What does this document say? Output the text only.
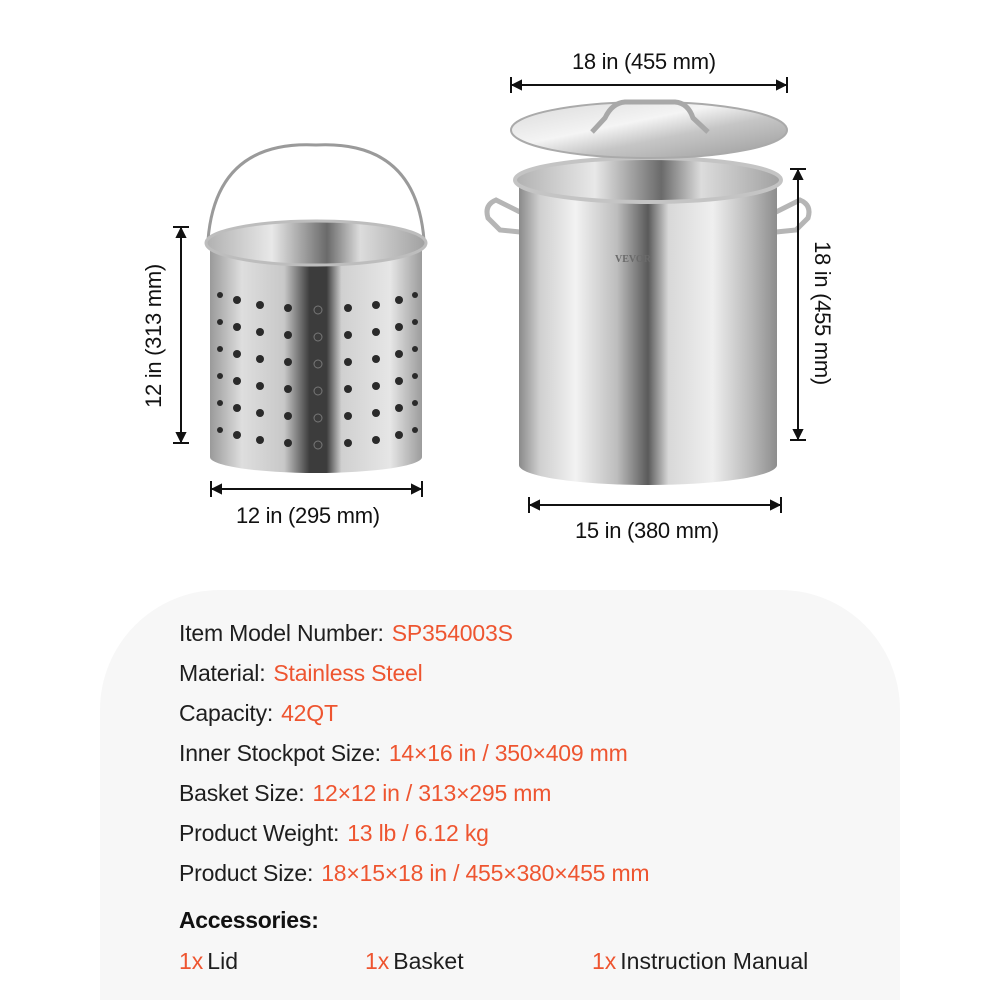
VEVOR
18 in (455 mm)
18 in (455 mm)
15 in (380 mm)
12 in (313 mm)
12 in (295 mm)
Item Model Number: SP354003S
Material: Stainless Steel
Capacity: 42QT
Inner Stockpot Size: 14×16 in / 350×409 mm
Basket Size: 12×12 in / 313×295 mm
Product Weight: 13 lb / 6.12 kg
Product Size: 18×15×18 in / 455×380×455 mm
Accessories:
1x Lid	1x Basket	1x Instruction Manual
